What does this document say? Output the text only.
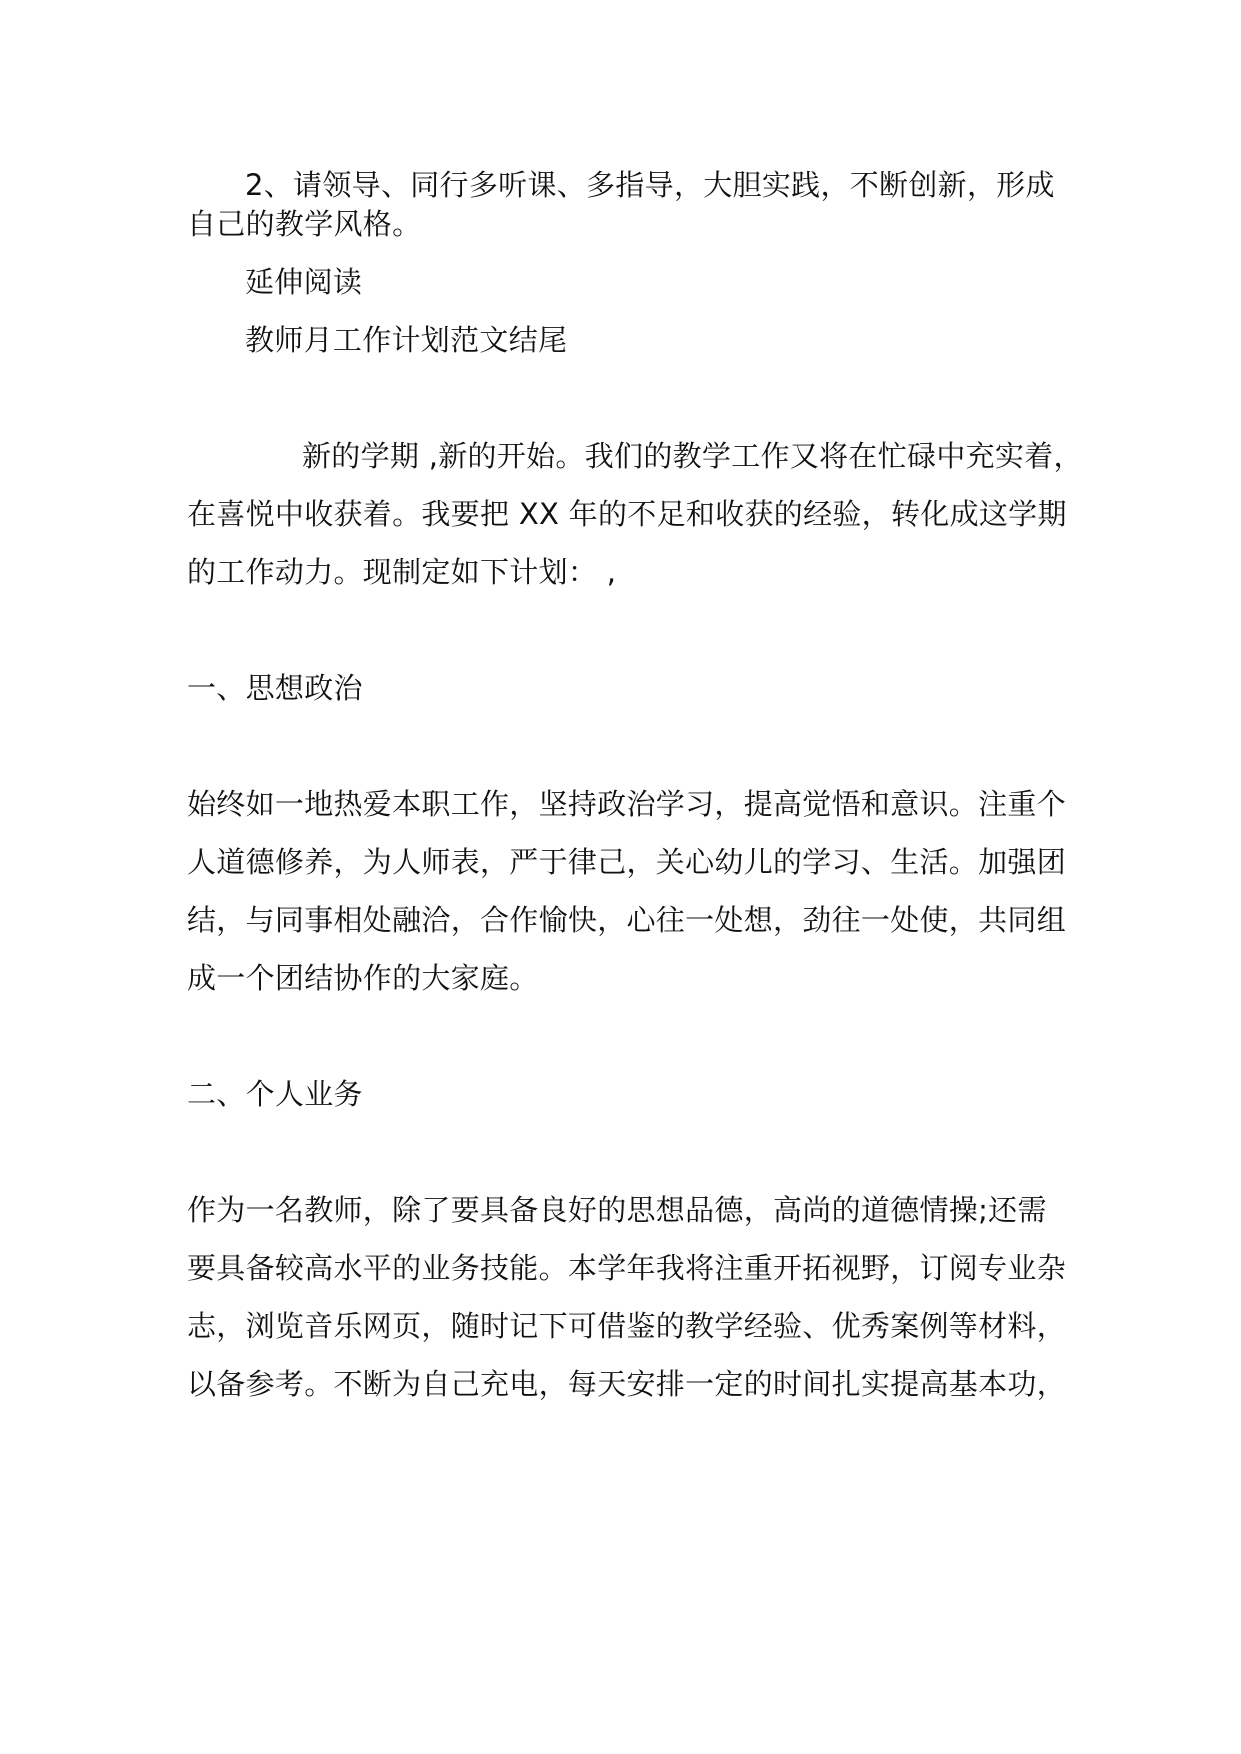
2、请领导、同行多听课、多指导，大胆实践，不断创新，形成
自己的教学风格。
延伸阅读
教师月工作计划范文结尾
新的学期 ,新的开始。我们的教学工作又将在忙碌中充实着，
在喜悦中收获着。我要把 XX 年的不足和收获的经验，转化成这学期
的工作动力。现制定如下计划： ,
一、思想政治
始终如一地热爱本职工作，坚持政治学习，提高觉悟和意识。注重个
人道德修养，为人师表，严于律己，关心幼儿的学习、生活。加强团
结，与同事相处融洽，合作愉快，心往一处想，劲往一处使，共同组
成一个团结协作的大家庭。
二、个人业务
作为一名教师，除了要具备良好的思想品德，高尚的道德情操;还需
要具备较高水平的业务技能。本学年我将注重开拓视野，订阅专业杂
志，浏览音乐网页，随时记下可借鉴的教学经验、优秀案例等材料，
以备参考。不断为自己充电，每天安排一定的时间扎实提高基本功，
